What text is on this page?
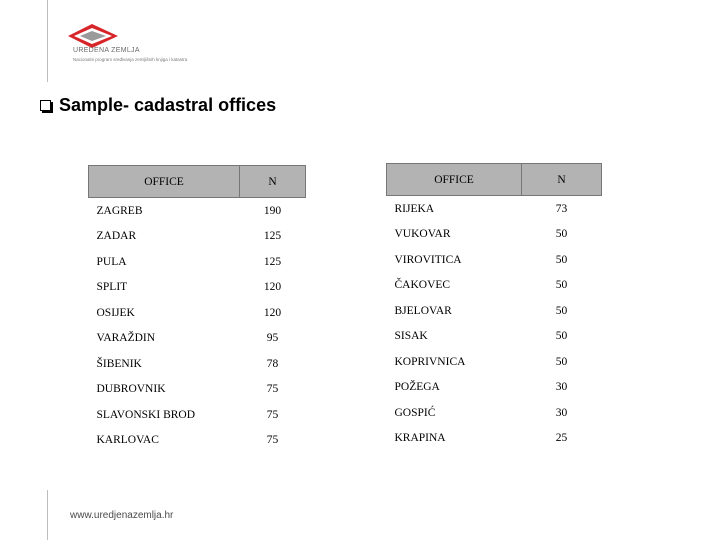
UREDENA ZEMLJA
Nacionalni program sređivanja zemljišnih knjiga i katastra
Sample- cadastral offices
OFFICE	N
ZAGREB	190
ZADAR	125
PULA	125
SPLIT	120
OSIJEK	120
VARAŽDIN	95
ŠIBENIK	78
DUBROVNIK	75
SLAVONSKI BROD	75
KARLOVAC	75
OFFICE	N
RIJEKA	73
VUKOVAR	50
VIROVITICA	50
ČAKOVEC	50
BJELOVAR	50
SISAK	50
KOPRIVNICA	50
POŽEGA	30
GOSPIĆ	30
KRAPINA	25
www.uredjenazemlja.hr
